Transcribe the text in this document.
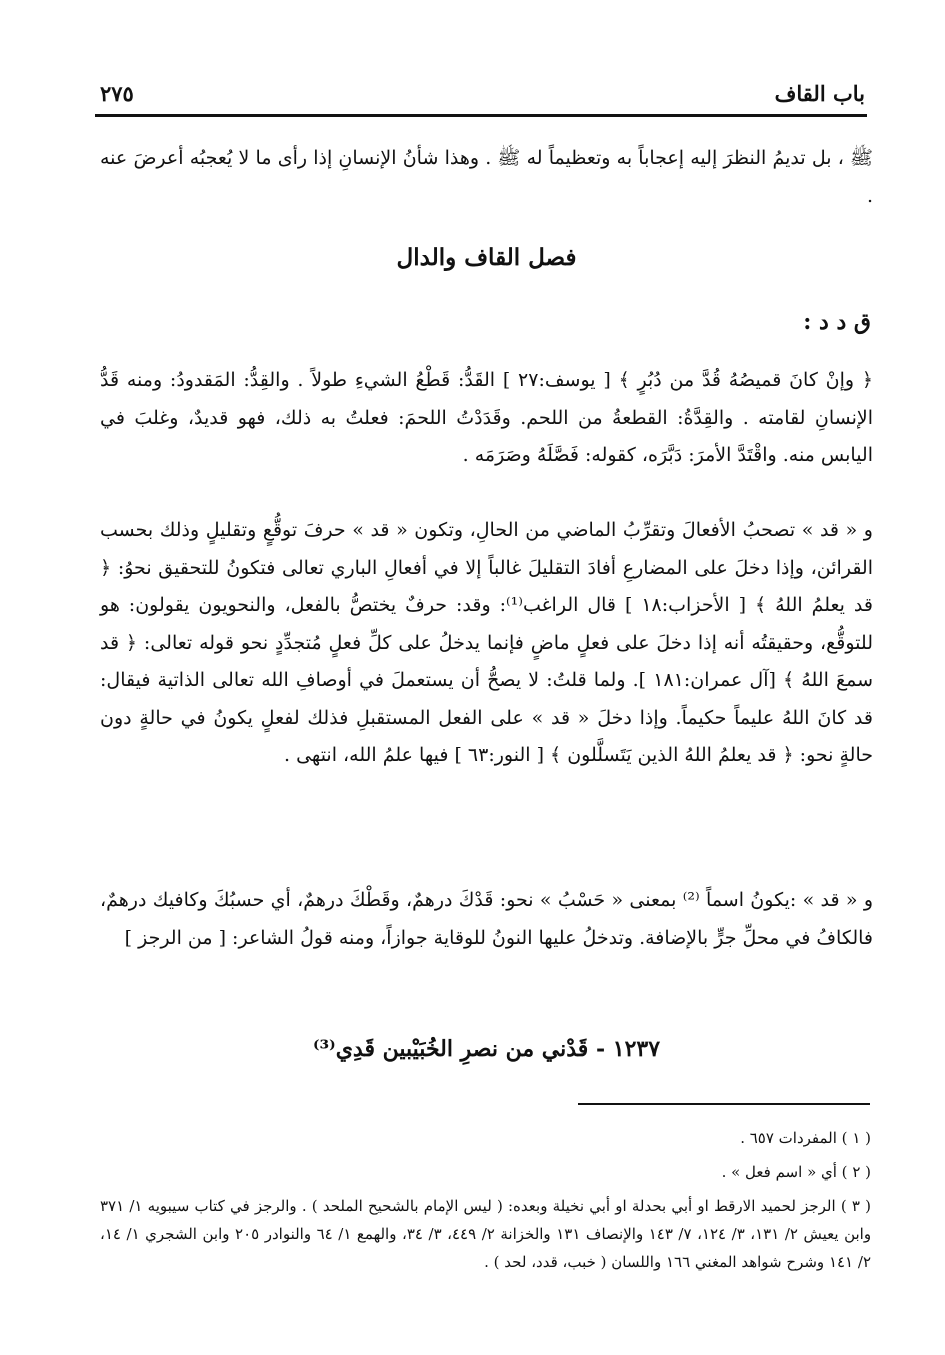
باب القاف
٢٧٥

ﷺ ، بل تديمُ النظرَ إليه إعجاباً به وتعظيماً له ﷺ . وهذا شأنُ الإنسانِ إذا رأى ما لا يُعجبُه أعرضَ عنه .

فصل القاف والدال
ق د د :

﴿ وإنْ كانَ قميصُهُ قُدَّ من دُبُرٍ ﴾ [ يوسف:٢٧ ] القَدُّ: قَطْعُ الشيءِ طولاً . والقِدُّ: المَقدودُ: ومنه قَدُّ الإنسانِ لقامته . والقِدَّةُ: القطعةُ من اللحم. وقَدَدْتُ اللحمَ: فعلتُ به ذلك، فهو قديدٌ، وغلبَ في اليابس منه. واقْتَدَّ الأمرَ: دَبَّرَه، كقوله: فَصَّلَهُ وصَرَمَه .

و « قد » تصحبُ الأفعالَ وتقرِّبُ الماضي من الحالِ، وتكون « قد » حرفَ توقُّعٍ وتقليلٍ وذلك بحسب القرائن، وإذا دخلَ على المضارعِ أفادَ التقليلَ غالباً إلا في أفعالِ الباري تعالى فتكونُ للتحقيق نحوُ: ﴿ قد يعلمُ اللهُ ﴾ [ الأحزاب:١٨ ] قال الراغب⁽¹⁾: وقد: حرفٌ يختصُّ بالفعل، والنحويون يقولون: هو للتوقُّع، وحقيقتُه أنه إذا دخلَ على فعلٍ ماضٍ فإنما يدخلُ على كلِّ فعلٍ مُتجدِّدٍ نحو قوله تعالى: ﴿ قد سمعَ اللهُ ﴾ [آل عمران:١٨١ ]. ولما قلتُ: لا يصحُّ أن يستعملَ في أوصافِ الله تعالى الذاتية فيقال: قد كانَ اللهُ عليماً حكيماً. وإذا دخلَ « قد » على الفعل المستقبلِ فذلك لفعلٍ يكونُ في حالةٍ دون حالةٍ نحو: ﴿ قد يعلمُ اللهُ الذين يَتَسلَّلون ﴾ [ النور:٦٣ ] فيها علمُ الله، انتهى .

و « قد » :يكونُ اسماً ⁽²⁾ بمعنى « حَسْبُ » نحو: قَدْكَ درهمٌ، وقَطْكَ درهمٌ، أي حسبُكَ وكافيك درهمٌ، فالكافُ في محلِّ جرٍّ بالإضافة. وتدخلُ عليها النونُ للوقاية جوازاً، ومنه قولُ الشاعر: [ من الرجز ]

١٢٣٧ - قَدْني من نصرِ الخُبَيْبين قَدِي⁽³⁾

( ١ ) المفردات ٦٥٧ .

( ٢ ) أي « اسم فعل » .

( ٣ ) الرجز لحميد الارقط او أبي بحدلة او أبي نخيلة وبعده: ( ليس الإمام بالشحيح الملحد ) . والرجز في كتاب سيبويه ١/ ٣٧١ وابن يعيش ٢/ ١٣١، ٣/ ١٢٤، ٧/ ١٤٣ والإنصاف ١٣١ والخزانة ٢/ ٤٤٩، ٣/ ٣٤، والهمع ١/ ٦٤ والنوادر ٢٠٥ وابن الشجري ١/ ١٤، ٢/ ١٤١ وشرح شواهد المغني ١٦٦ واللسان ( خبب، قدد، لحد ) .
